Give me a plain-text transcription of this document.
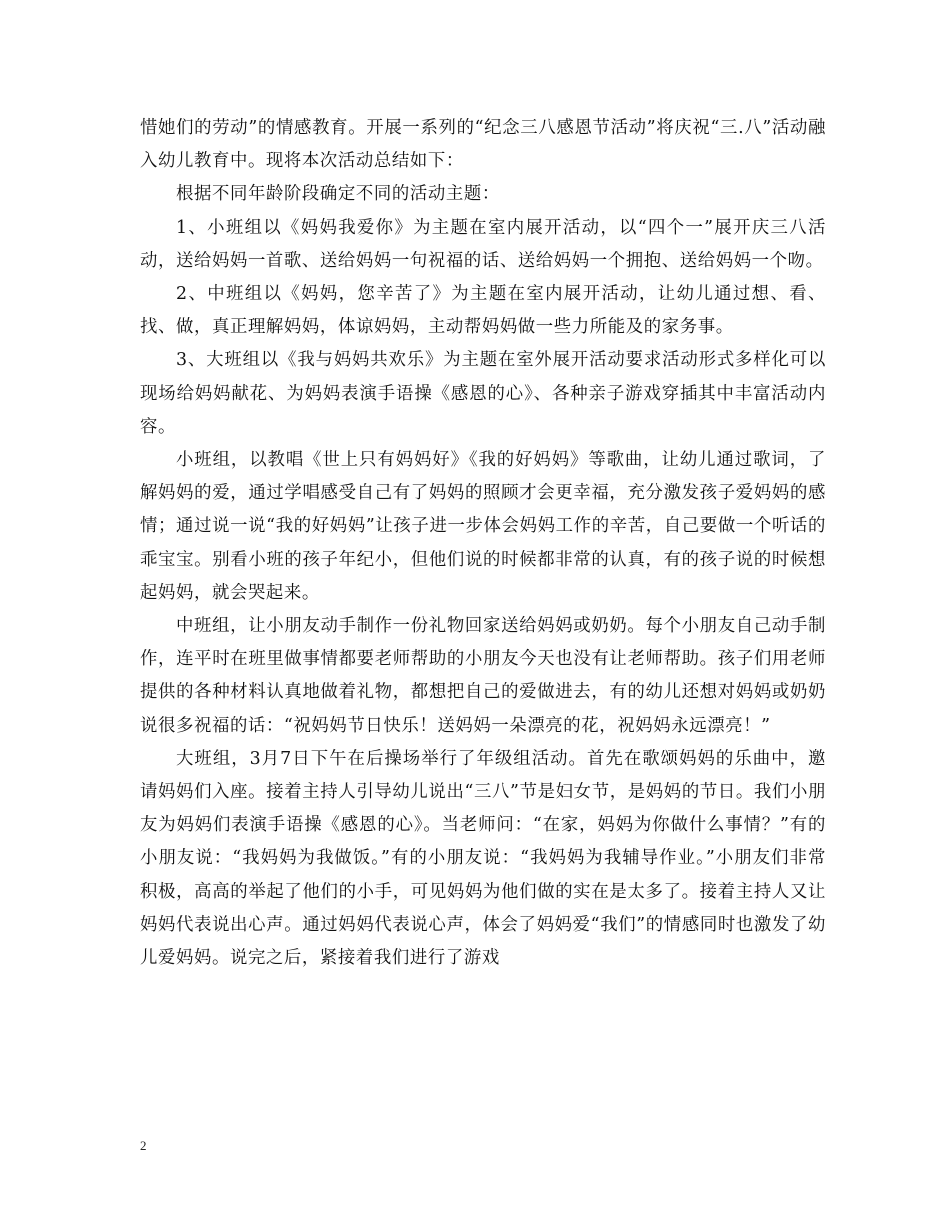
惜她们的劳动”的情感教育。开展一系列的“纪念三八感恩节活动”将庆祝“三.八”活动融入幼儿教育中。现将本次活动总结如下：

根据不同年龄阶段确定不同的活动主题：

1、小班组以《妈妈我爱你》为主题在室内展开活动，以“四个一”展开庆三八活动，送给妈妈一首歌、送给妈妈一句祝福的话、送给妈妈一个拥抱、送给妈妈一个吻。

2、中班组以《妈妈，您辛苦了》为主题在室内展开活动，让幼儿通过想、看、找、做，真正理解妈妈，体谅妈妈，主动帮妈妈做一些力所能及的家务事。

3、大班组以《我与妈妈共欢乐》为主题在室外展开活动要求活动形式多样化可以现场给妈妈献花、为妈妈表演手语操《感恩的心》、各种亲子游戏穿插其中丰富活动内容。

小班组，以教唱《世上只有妈妈好》《我的好妈妈》等歌曲，让幼儿通过歌词，了解妈妈的爱，通过学唱感受自己有了妈妈的照顾才会更幸福，充分激发孩子爱妈妈的感情；通过说一说“我的好妈妈”让孩子进一步体会妈妈工作的辛苦，自己要做一个听话的乖宝宝。别看小班的孩子年纪小，但他们说的时候都非常的认真，有的孩子说的时候想起妈妈，就会哭起来。

中班组，让小朋友动手制作一份礼物回家送给妈妈或奶奶。每个小朋友自己动手制作，连平时在班里做事情都要老师帮助的小朋友今天也没有让老师帮助。孩子们用老师提供的各种材料认真地做着礼物，都想把自己的爱做进去，有的幼儿还想对妈妈或奶奶说很多祝福的话：“祝妈妈节日快乐！送妈妈一朵漂亮的花，祝妈妈永远漂亮！”

大班组，3月7日下午在后操场举行了年级组活动。首先在歌颂妈妈的乐曲中，邀请妈妈们入座。接着主持人引导幼儿说出“三八”节是妇女节，是妈妈的节日。我们小朋友为妈妈们表演手语操《感恩的心》。当老师问：“在家，妈妈为你做什么事情？”有的小朋友说：“我妈妈为我做饭。”有的小朋友说：“我妈妈为我辅导作业。”小朋友们非常积极，高高的举起了他们的小手，可见妈妈为他们做的实在是太多了。接着主持人又让妈妈代表说出心声。通过妈妈代表说心声，体会了妈妈爱“我们”的情感同时也激发了幼儿爱妈妈。说完之后，紧接着我们进行了游戏

2
